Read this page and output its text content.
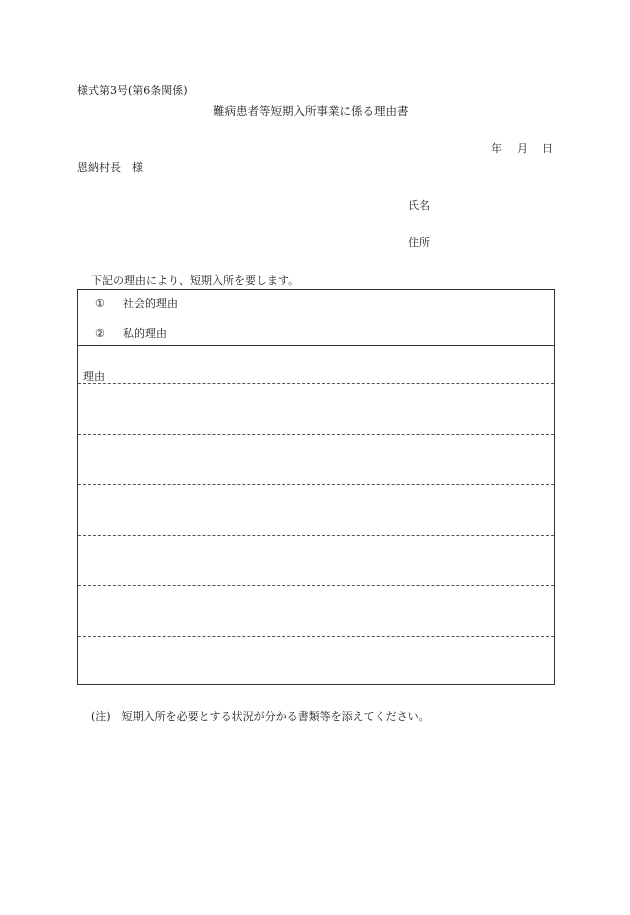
様式第3号(第6条関係)
難病患者等短期入所事業に係る理由書
年 月 日
恩納村長　様
氏名
住所
下記の理由により、短期入所を要します。
① 社会的理由
② 私的理由
理由
(注)　短期入所を必要とする状況が分かる書類等を添えてください。
